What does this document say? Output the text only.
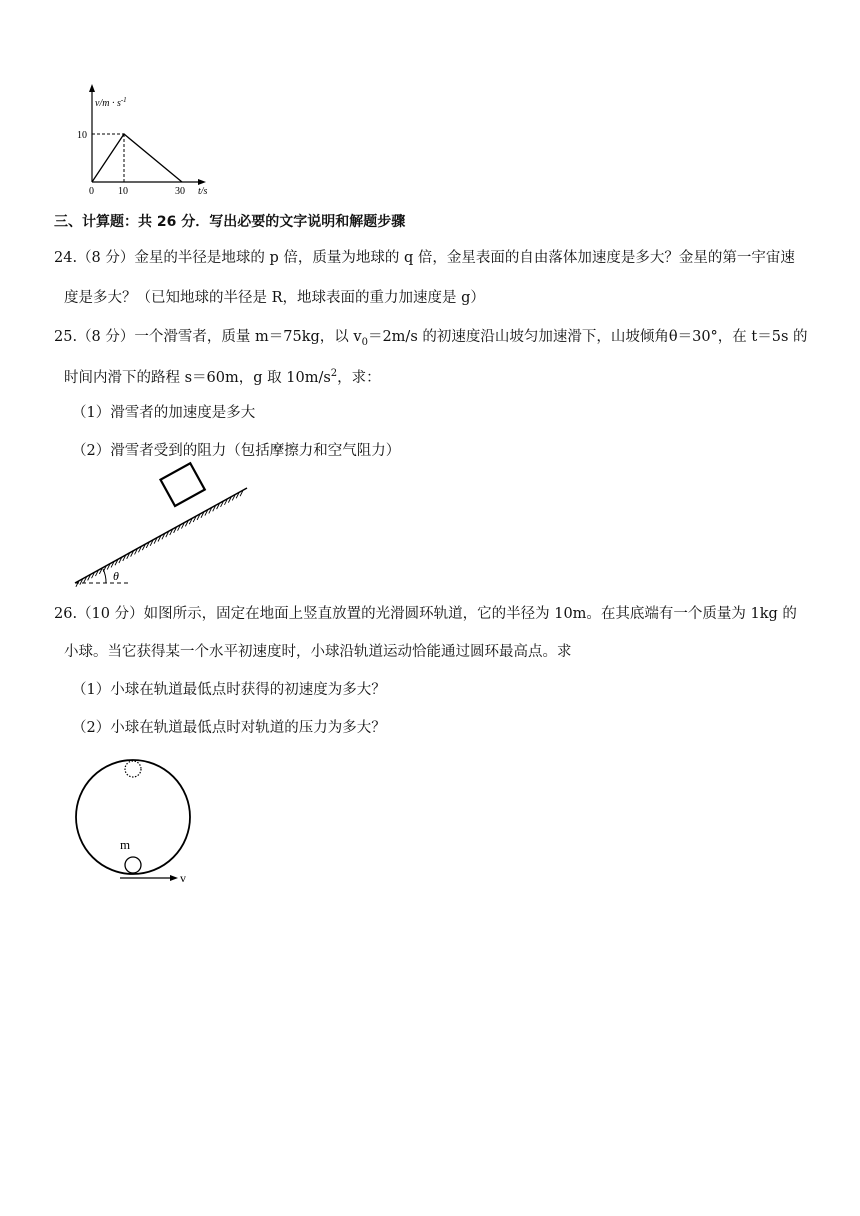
$v/m \cdot s^{-1}$
10
0 10	30 t/s
三、计算题：共 26 分．写出必要的文字说明和解题步骤
24.（8 分）金星的半径是地球的 p 倍，质量为地球的 q 倍，金星表面的自由落体加速度是多大？金星的第一宇宙速
度是多大？（已知地球的半径是 R，地球表面的重力加速度是 g）
25.（8 分）一个滑雪者，质量 m＝75kg，以 $v_0=2m/s$ 的初速度沿山坡匀加速滑下，山坡倾角θ＝30°，在 t＝5s 的
时间内滑下的路程 s＝60m，g 取 $10m/s^2$，求：
（1）滑雪者的加速度是多大
（2）滑雪者受到的阻力（包括摩擦力和空气阻力）
θ
26.（10 分）如图所示，固定在地面上竖直放置的光滑圆环轨道，它的半径为 10m。在其底端有一个质量为 1kg 的
小球。当它获得某一个水平初速度时，小球沿轨道运动恰能通过圆环最高点。求
（1）小球在轨道最低点时获得的初速度为多大？
（2）小球在轨道最低点时对轨道的压力为多大？
m
v
